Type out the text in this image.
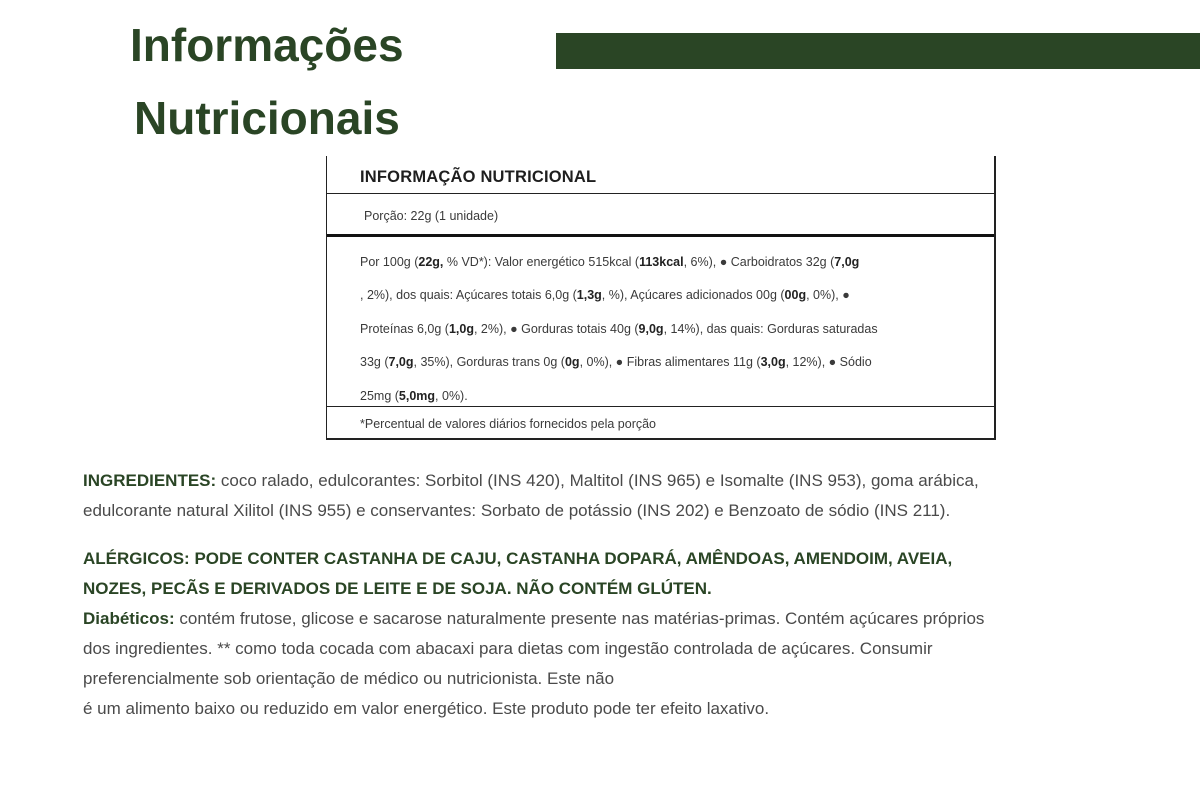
Informações
Nutricionais
INFORMAÇÃO NUTRICIONAL
Porção: 22g (1 unidade)
Por 100g (22g, % VD*): Valor energético 515kcal (113kcal, 6%), ● Carboidratos 32g (7,0g
, 2%), dos quais: Açúcares totais 6,0g (1,3g, %), Açúcares adicionados 00g (00g, 0%), ●
Proteínas 6,0g (1,0g, 2%), ● Gorduras totais 40g (9,0g, 14%), das quais: Gorduras saturadas
33g (7,0g, 35%), Gorduras trans 0g (0g, 0%), ● Fibras alimentares 11g (3,0g, 12%), ● Sódio
25mg (5,0mg, 0%).
*Percentual de valores diários fornecidos pela porção
INGREDIENTES: coco ralado, edulcorantes: Sorbitol (INS 420), Maltitol (INS 965) e Isomalte (INS 953), goma arábica,
edulcorante natural Xilitol (INS 955) e conservantes: Sorbato de potássio (INS 202) e Benzoato de sódio (INS 211).
ALÉRGICOS: PODE CONTER CASTANHA DE CAJU, CASTANHA DOPARÁ, AMÊNDOAS, AMENDOIM, AVEIA,
NOZES, PECÃS E DERIVADOS DE LEITE E DE SOJA. NÃO CONTÉM GLÚTEN.
Diabéticos: contém frutose, glicose e sacarose naturalmente presente nas matérias-primas. Contém açúcares próprios
dos ingredientes. ** como toda cocada com abacaxi para dietas com ingestão controlada de açúcares. Consumir
preferencialmente sob orientação de médico ou nutricionista. Este não
é um alimento baixo ou reduzido em valor energético. Este produto pode ter efeito laxativo.
